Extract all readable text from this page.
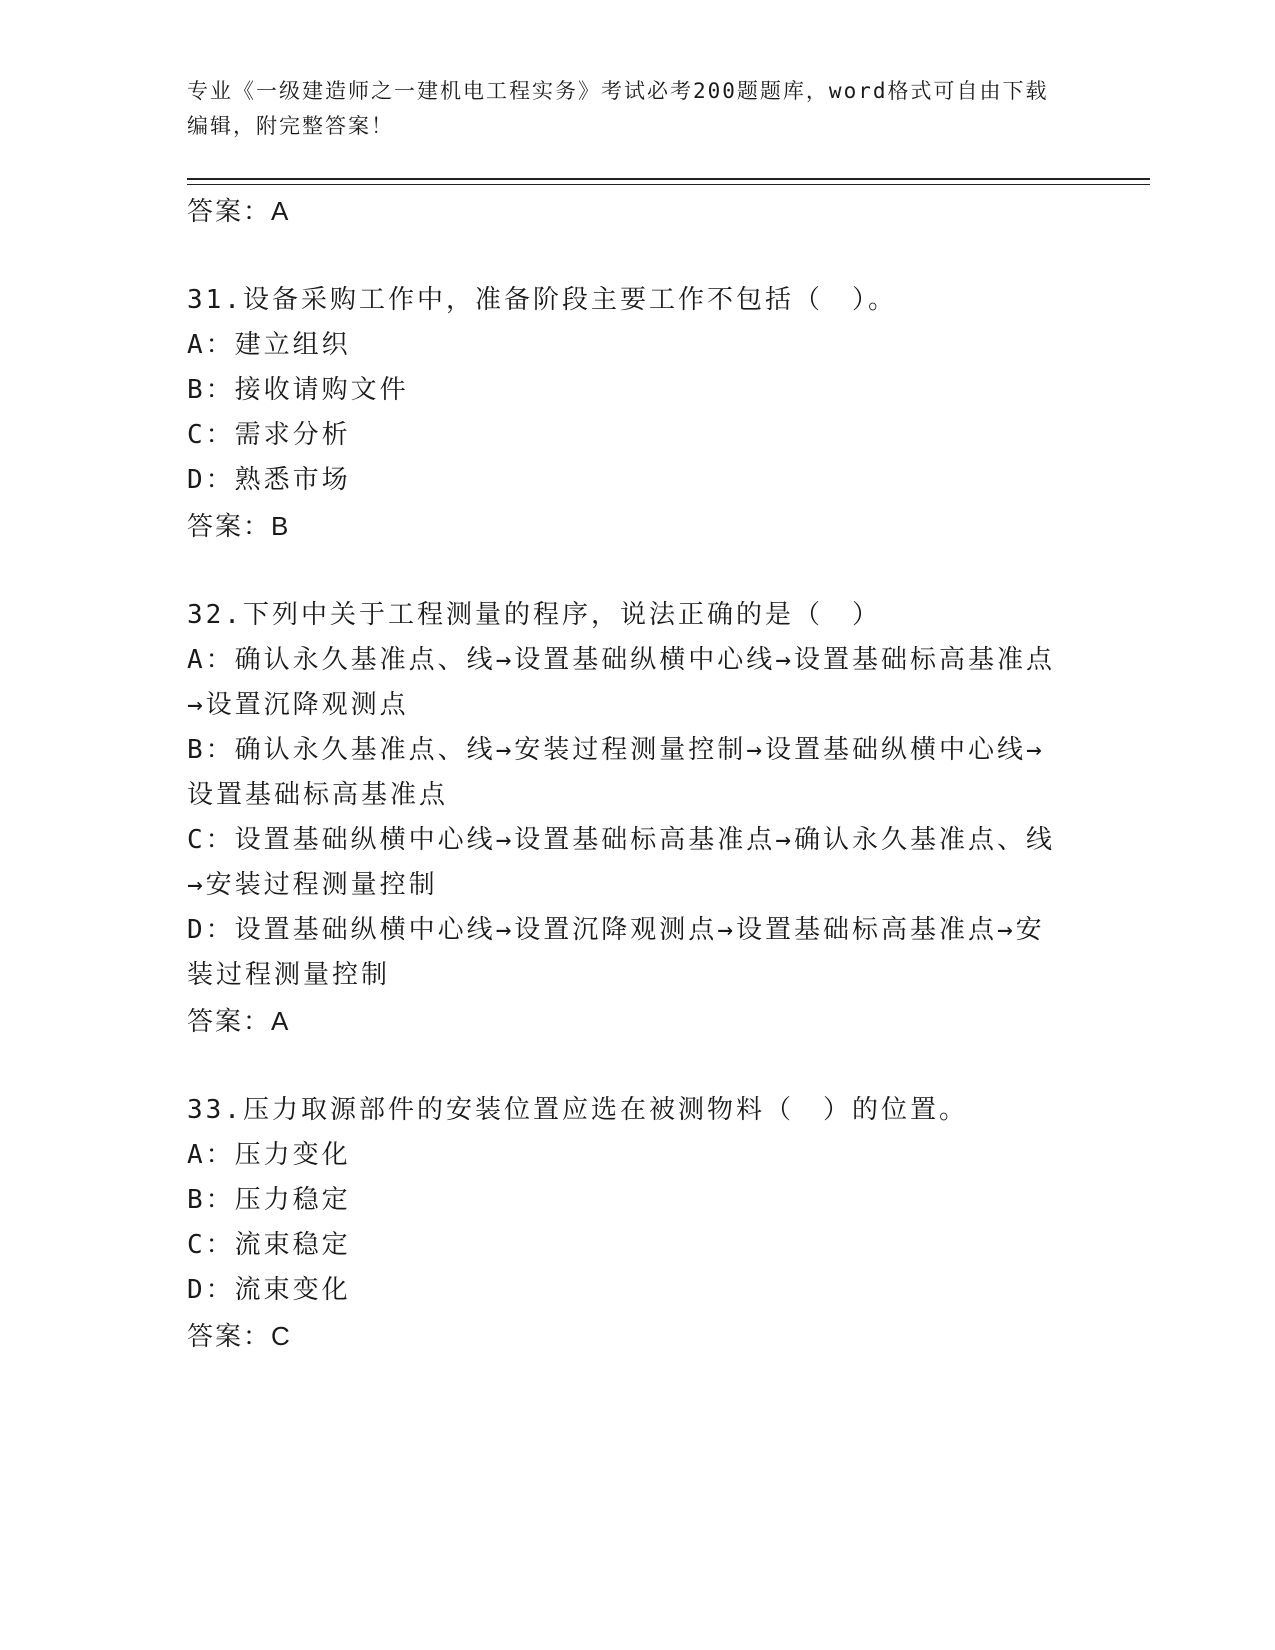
专业《一级建造师之一建机电工程实务》考试必考200题题库，word格式可自由下载编辑，附完整答案！
答案：A
31.设备采购工作中，准备阶段主要工作不包括（　）。
A：建立组织
B：接收请购文件
C：需求分析
D：熟悉市场
答案：B
32.下列中关于工程测量的程序，说法正确的是（　）
A：确认永久基准点、线→设置基础纵横中心线→设置基础标高基准点→设置沉降观测点
B：确认永久基准点、线→安装过程测量控制→设置基础纵横中心线→设置基础标高基准点
C：设置基础纵横中心线→设置基础标高基准点→确认永久基准点、线→安装过程测量控制
D：设置基础纵横中心线→设置沉降观测点→设置基础标高基准点→安装过程测量控制
答案：A
33.压力取源部件的安装位置应选在被测物料（　）的位置。
A：压力变化
B：压力稳定
C：流束稳定
D：流束变化
答案：C
